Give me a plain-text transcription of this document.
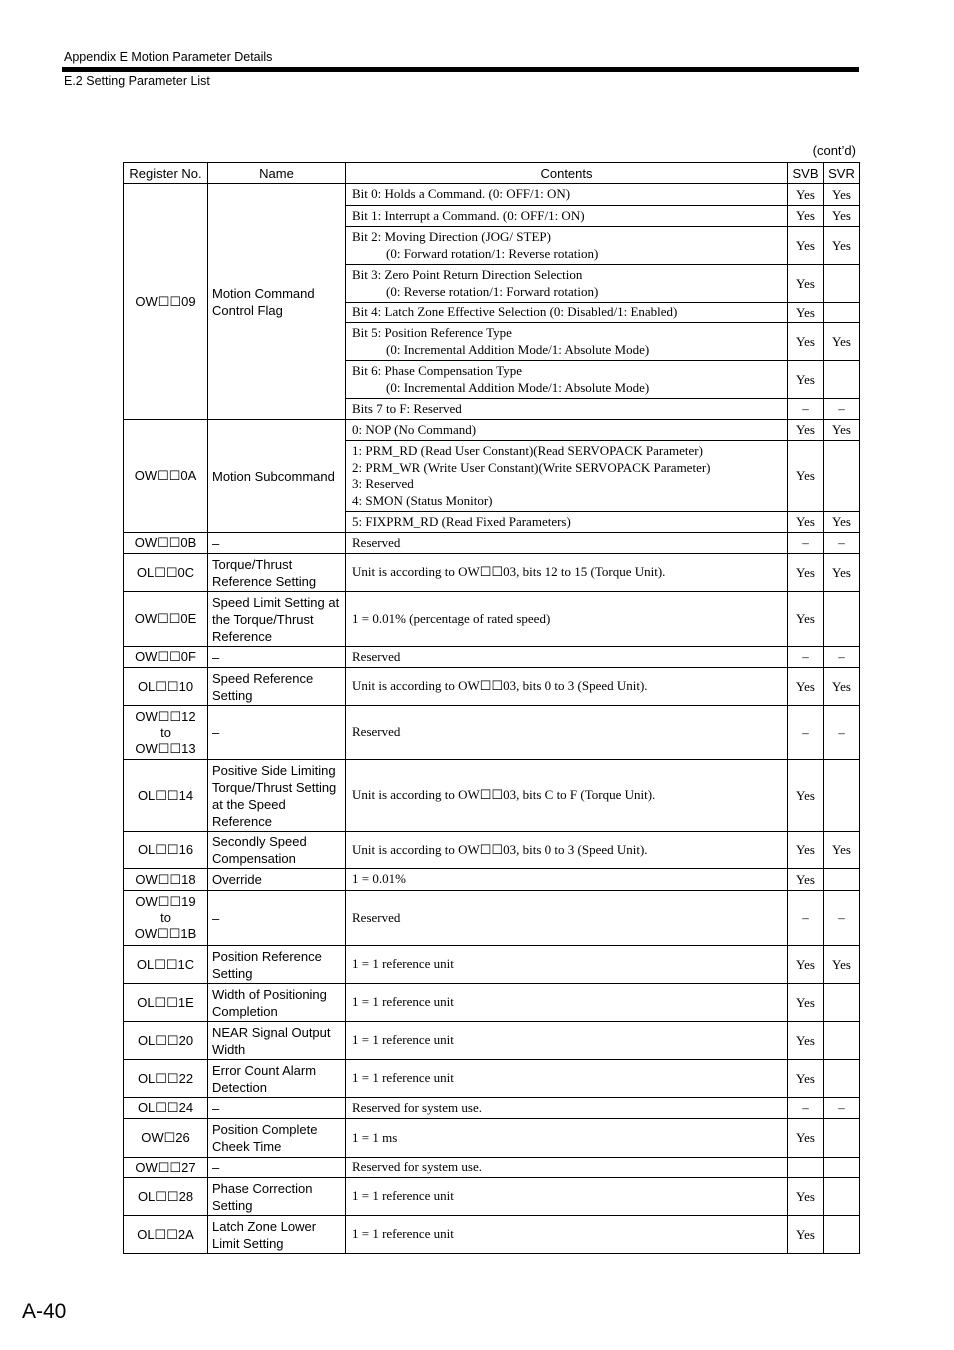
Appendix E Motion Parameter Details
E.2 Setting Parameter List
(cont’d)
Register No.	Name	Contents	SVB	SVR
OW☐☐09	Motion Command Control Flag	Bit 0: Holds a Command. (0: OFF/1: ON)	Yes	Yes

		Bit 1: Interrupt a Command. (0: OFF/1: ON)	Yes	Yes

		Bit 2: Moving Direction (JOG/ STEP)
(0: Forward rotation/1: Reverse rotation)	Yes	Yes

		Bit 3: Zero Point Return Direction Selection
(0: Reverse rotation/1: Forward rotation)	Yes	

		Bit 4: Latch Zone Effective Selection (0: Disabled/1: Enabled)	Yes	

		Bit 5: Position Reference Type
(0: Incremental Addition Mode/1: Absolute Mode)	Yes	Yes

		Bit 6: Phase Compensation Type
(0: Incremental Addition Mode/1: Absolute Mode)	Yes	

		Bits 7 to F: Reserved	–	–
OW☐☐0A	Motion Subcommand	0: NOP (No Command)	Yes	Yes

		1: PRM_RD (Read User Constant)(Read SERVOPACK Parameter)
2: PRM_WR (Write User Constant)(Write SERVOPACK Parameter)
3: Reserved
4: SMON (Status Monitor)	Yes	

		5: FIXPRM_RD (Read Fixed Parameters)	Yes	Yes
OW☐☐0B	–	Reserved	–	–
OL☐☐0C	Torque/Thrust Reference Setting	Unit is according to OW☐☐03, bits 12 to 15 (Torque Unit).	Yes	Yes
OW☐☐0E	Speed Limit Setting at the Torque/Thrust Reference	1 = 0.01% (percentage of rated speed)	Yes	
OW☐☐0F	–	Reserved	–	–
OL☐☐10	Speed Reference Setting	Unit is according to OW☐☐03, bits 0 to 3 (Speed Unit).	Yes	Yes
OW☐☐12
to
OW☐☐13	–	Reserved	–	–
OL☐☐14	Positive Side Limiting Torque/Thrust Setting at the Speed Reference	Unit is according to OW☐☐03, bits C to F (Torque Unit).	Yes	
OL☐☐16	Secondly Speed Compensation	Unit is according to OW☐☐03, bits 0 to 3 (Speed Unit).	Yes	Yes
OW☐☐18	Override	1 = 0.01%	Yes	
OW☐☐19
to
OW☐☐1B	–	Reserved	–	–
OL☐☐1C	Position Reference Setting	1 = 1 reference unit	Yes	Yes
OL☐☐1E	Width of Positioning Completion	1 = 1 reference unit	Yes	
OL☐☐20	NEAR Signal Output Width	1 = 1 reference unit	Yes	
OL☐☐22	Error Count Alarm Detection	1 = 1 reference unit	Yes	
OL☐☐24	–	Reserved for system use.	–	–
OW☐26	Position Complete Cheek Time	1 = 1 ms	Yes	
OW☐☐27	–	Reserved for system use.		

OL☐☐28	Phase Correction Setting	1 = 1 reference unit	Yes	
OL☐☐2A	Latch Zone Lower Limit Setting	1 = 1 reference unit	Yes	
A-40
